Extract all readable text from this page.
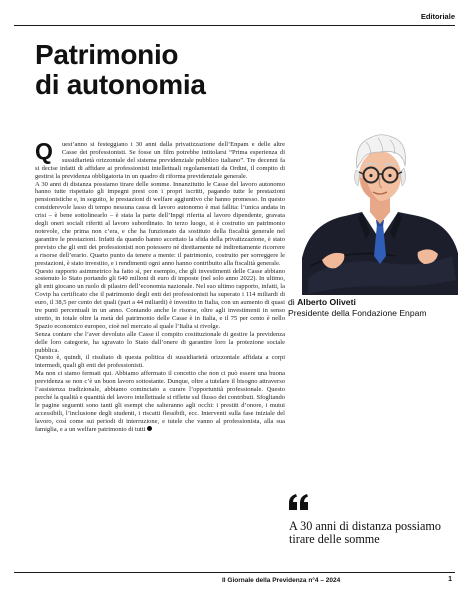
Editoriale
Patrimonio
di autonomia

Q uest’anno si festeggiano i 30 anni dalla privatizzazione dell’Enpam e delle altre Casse dei professionisti. Se fosse un film potrebbe intitolarsi “Prima esperienza di sussidiarietà orizzontale del sistema previdenziale pubblico italiano”. Tre decenni fa si decise infatti di affidare ai professionisti intellettuali regolamentati da Ordini, il compito di gestirsi la previdenza obbligatoria in un quadro di riforma previdenziale generale.

A 30 anni di distanza possiamo tirare delle somme. Innanzitutto le Casse del lavoro autonomo hanno tutte rispettato gli impegni presi con i propri iscritti, pagando tutte le prestazioni pensionistiche e, in seguito, le prestazioni di welfare aggiuntivo che hanno promesso. In questo considerevole lasso di tempo nessuna cassa di lavoro autonomo è mai fallita: l’unica andata in crisi – è bene sottolinearlo – è stata la parte dell’Inpgi riferita al lavoro dipendente, gravata degli oneri sociali riferiti al lavoro subordinato. In terzo luogo, si è costruito un patrimonio notevole, che prima non c’era, e che ha funzionato da sostituto della fiscalità generale nel garantire le prestazioni. Infatti da quando hanno accettato la sfida della privatizzazione, è stato previsto che gli enti dei professionisti non potessero né direttamente né indirettamente ricorrere a risorse dell’erario. Quarto punto da tenere a mente: il patrimonio, costruito per sorreggere le prestazioni, è stato investito, e i rendimenti ogni anno hanno contribuito alla fiscalità generale.

Questo rapporto asimmetrico ha fatto sì, per esempio, che gli investimenti delle Casse abbiano sostenuto lo Stato portando gli 640 milioni di euro di imposte (nel solo anno 2022). In ultimo, gli enti giocano un ruolo di pilastro dell’economia nazionale. Nel suo ultimo rapporto, infatti, la Covip ha certificato che il patrimonio degli enti dei professionisti ha superato i 114 miliardi di euro, il 38,5 per cento dei quali (pari a 44 miliardi) è investito in Italia, con un aumento di quasi tre punti percentuali in un anno. Contando anche le risorse, oltre agli investimenti in senso stretto, in totale oltre la metà del patrimonio delle Casse è in Italia, e il 75 per cento è nello Spazio economico europeo, cioè nel mercato al quale l’Italia si rivolge.

Senza contare che l’aver devoluto alle Casse il compito costituzionale di gestire la previdenza delle loro categorie, ha sgravato lo Stato dall’onere di garantire loro la protezione sociale pubblica.

Questo è, quindi, il risultato di questa politica di sussidiarietà orizzontale affidata a corpi intermedi, quali gli enti dei professionisti.

Ma non ci siamo fermati qui. Abbiamo affermato il concetto che non ci può essere una buona previdenza se non c’è un buon lavoro sottostante. Dunque, oltre a tutelare il bisogno attraverso l’assistenza tradizionale, abbiamo cominciato a curare l’opportunità professionale. Questo perché la qualità e quantità del lavoro intellettuale si riflette sul flusso dei contributi. Sfogliando le pagine seguenti sono tanti gli esempi che salteranno agli occhi: i prestiti d’onore, i mutui accessibili, l’inclusione degli studenti, i riscatti flessibili, ecc. Interventi sulla fase iniziale del lavoro, così come sui periodi di interruzione, e tutele che vanno al professionista, alla sua famiglia, e a un welfare patrimonio di tutti

di Alberto Oliveti
Presidente della Fondazione Enpam
A 30 anni di distanza possiamo tirare delle somme
Il Giornale della Previdenza n°4 – 2024	1
